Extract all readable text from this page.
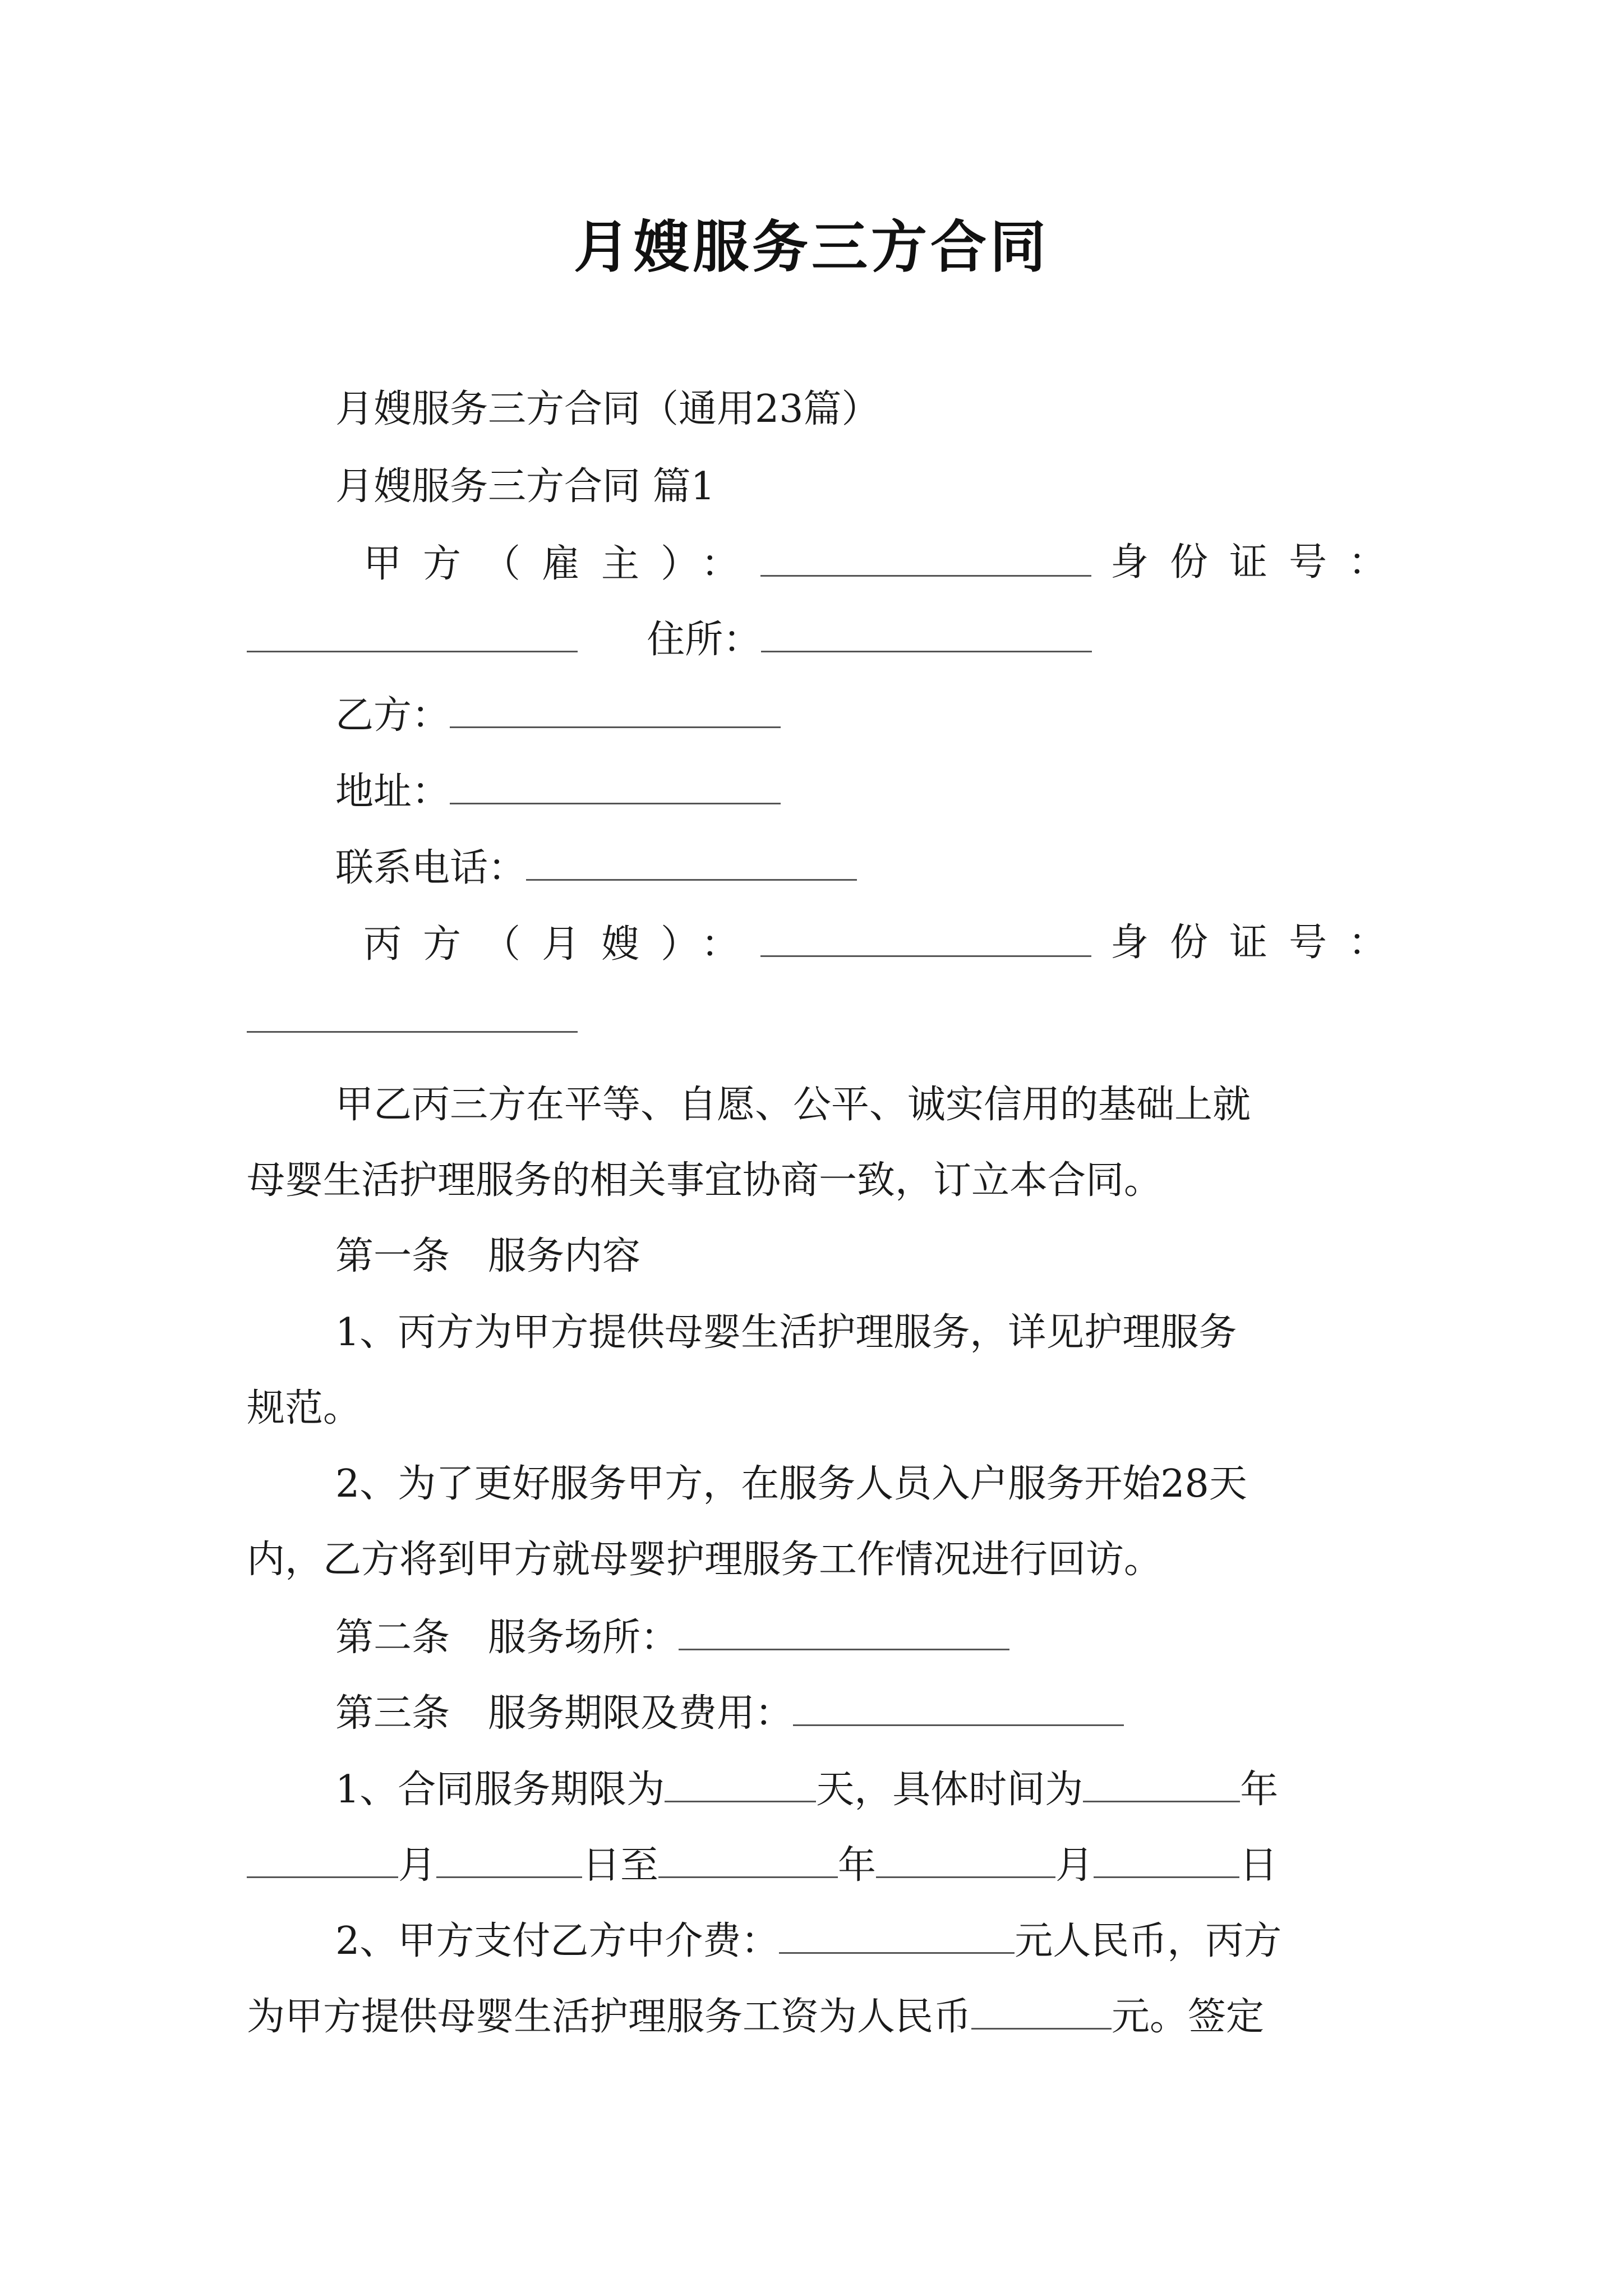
月嫂服务三方合同
月嫂服务三方合同（通用23篇）
月嫂服务三方合同 篇1
甲方（雇主）：	身份证号：
住所：
乙方：
地址：
联系电话：
丙方（月嫂）：	身份证号：
甲乙丙三方在平等、自愿、公平、诚实信用的基础上就
母婴生活护理服务的相关事宜协商一致，订立本合同。
第一条　服务内容
1、丙方为甲方提供母婴生活护理服务，详见护理服务
规范。
2、为了更好服务甲方，在服务人员入户服务开始28天
内，乙方将到甲方就母婴护理服务工作情况进行回访。
第二条　服务场所：
第三条　服务期限及费用：
1、合同服务期限为	天，具体时间为	年
月	日至	年	月	日
2、甲方支付乙方中介费：	元人民币，丙方
为甲方提供母婴生活护理服务工资为人民币	元。签定
